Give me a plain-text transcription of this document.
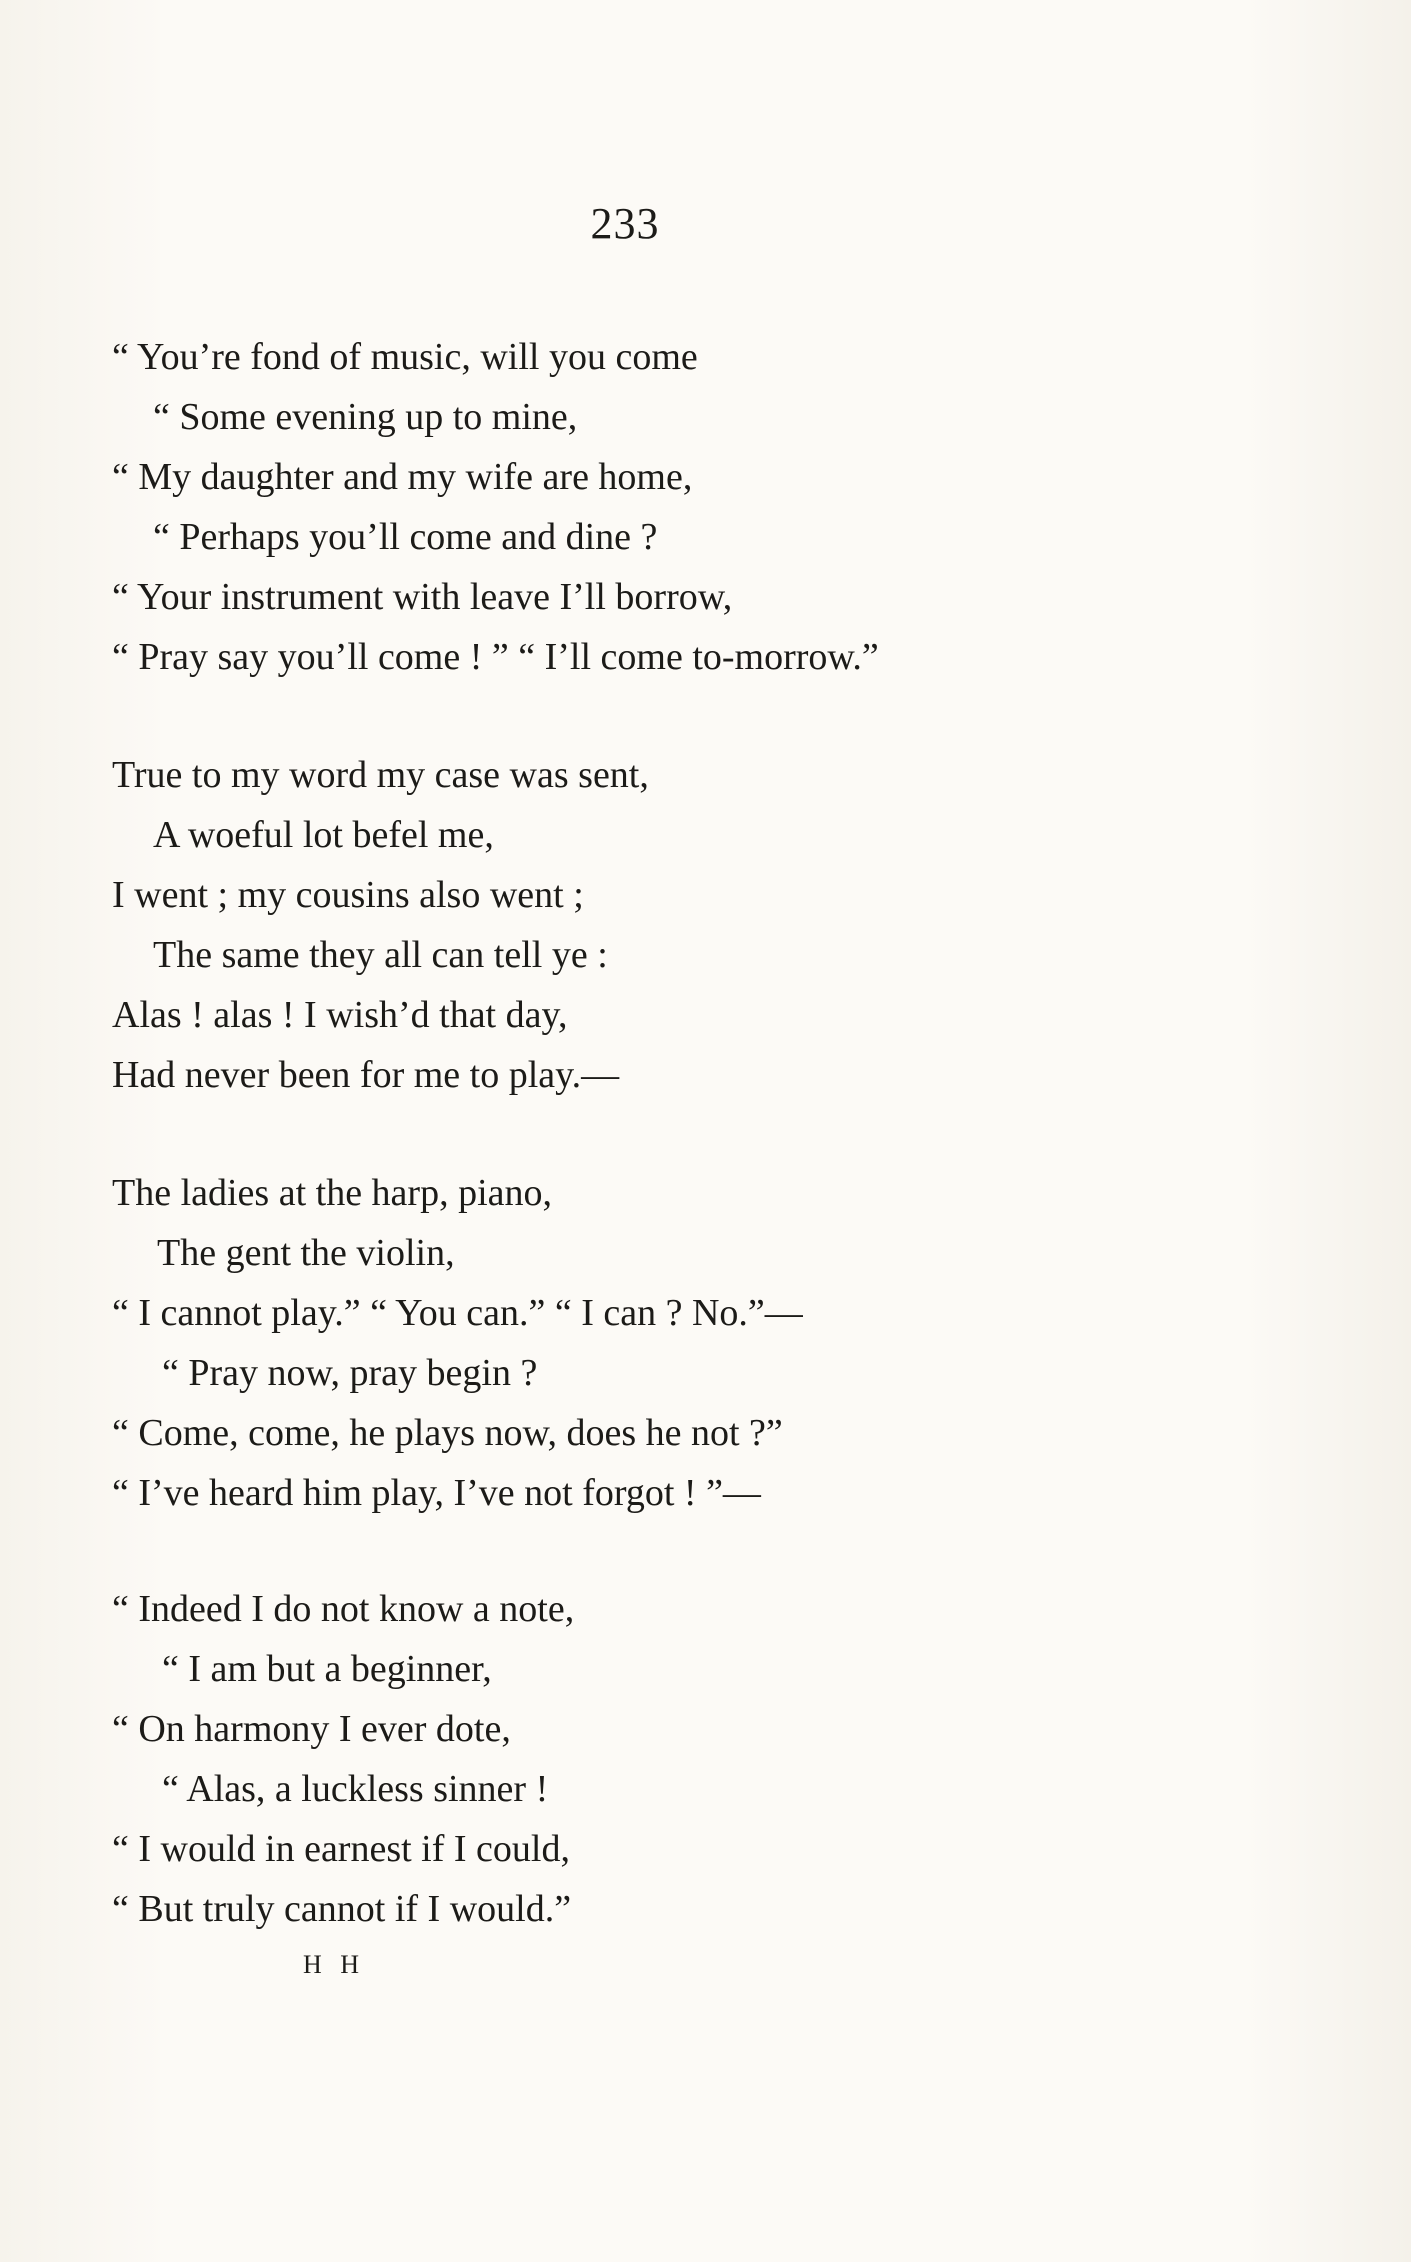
233
“ You’re fond of music, will you come
“ Some evening up to mine,
“ My daughter and my wife are home,
“ Perhaps you’ll come and dine ?
“ Your instrument with leave I’ll borrow,
“ Pray say you’ll come ! ” “ I’ll come to-morrow.”
True to my word my case was sent,
A woeful lot befel me,
I went ; my cousins also went ;
The same they all can tell ye :
Alas ! alas ! I wish’d that day,
Had never been for me to play.—
The ladies at the harp, piano,
The gent the violin,
“ I cannot play.” “ You can.” “ I can ? No.”—
“ Pray now, pray begin ?
“ Come, come, he plays now, does he not ?”
“ I’ve heard him play, I’ve not forgot ! ”—
“ Indeed I do not know a note,
“ I am but a beginner,
“ On harmony I ever dote,
“ Alas, a luckless sinner !
“ I would in earnest if I could,
“ But truly cannot if I would.”
H H
